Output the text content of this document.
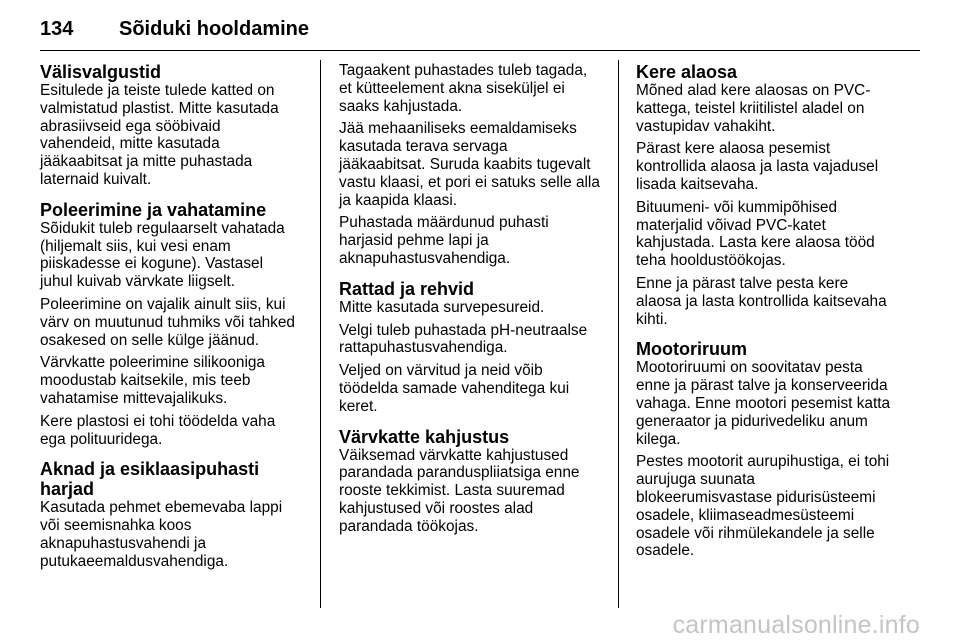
134 Sõiduki hooldamine
Välisvalgustid

Esitulede ja teiste tulede katted on
valmistatud plastist. Mitte kasutada
abrasiivseid ega sööbivaid
vahendeid, mitte kasutada
jääkaabitsat ja mitte puhastada
laternaid kuivalt.

Poleerimine ja vahatamine

Sõidukit tuleb regulaarselt vahatada
(hiljemalt siis, kui vesi enam
piiskadesse ei kogune). Vastasel
juhul kuivab värvkate liigselt.

Poleerimine on vajalik ainult siis, kui
värv on muutunud tuhmiks või tahked
osakesed on selle külge jäänud.

Värvkatte poleerimine silikooniga
moodustab kaitsekile, mis teeb
vahatamise mittevajalikuks.

Kere plastosi ei tohi töödelda vaha
ega polituuridega.

Aknad ja esiklaasipuhasti harjad

Kasutada pehmet ebemevaba lappi
või seemisnahka koos
aknapuhastusvahendi ja
putukaeemaldusvahendiga.

Tagaakent puhastades tuleb tagada,
et kütteelement akna siseküljel ei
saaks kahjustada.

Jää mehaaniliseks eemaldamiseks
kasutada terava servaga
jääkaabitsat. Suruda kaabits tugevalt
vastu klaasi, et pori ei satuks selle alla
ja kaapida klaasi.

Puhastada määrdunud puhasti
harjasid pehme lapi ja
aknapuhastusvahendiga.

Rattad ja rehvid

Mitte kasutada survepesureid.

Velgi tuleb puhastada pH-neutraalse
rattapuhastusvahendiga.

Veljed on värvitud ja neid võib
töödelda samade vahenditega kui
keret.

Värvkatte kahjustus

Väiksemad värvkatte kahjustused
parandada paranduspliiatsiga enne
rooste tekkimist. Lasta suuremad
kahjustused või roostes alad
parandada töökojas.

Kere alaosa

Mõned alad kere alaosas on PVC-
kattega, teistel kriitilistel aladel on
vastupidav vahakiht.

Pärast kere alaosa pesemist
kontrollida alaosa ja lasta vajadusel
lisada kaitsevaha.

Bituumeni- või kummipõhised
materjalid võivad PVC-katet
kahjustada. Lasta kere alaosa tööd
teha hooldustöökojas.

Enne ja pärast talve pesta kere
alaosa ja lasta kontrollida kaitsevaha
kihti.

Mootoriruum

Mootoriruumi on soovitatav pesta
enne ja pärast talve ja konserveerida
vahaga. Enne mootori pesemist katta
generaator ja pidurivedeliku anum
kilega.

Pestes mootorit aurupihustiga, ei tohi
aurujuga suunata
blokeerumisvastase pidurisüsteemi
osadele, kliimaseadmesüsteemi
osadele või rihmülekandele ja selle
osadele.

carmanualsonline.info
